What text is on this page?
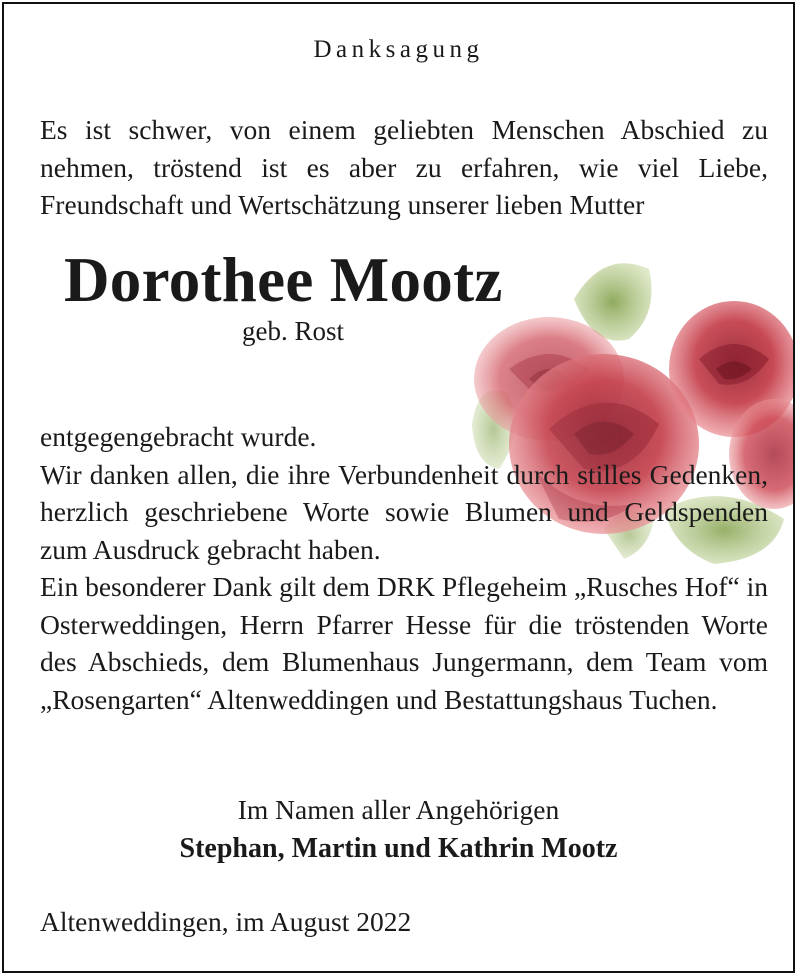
Danksagung

Es ist schwer, von einem geliebten Menschen Abschied zu nehmen, tröstend ist es aber zu erfahren, wie viel Liebe, Freundschaft und Wertschätzung unserer lieben Mutter

Dorothee Mootz
geb. Rost

entgegengebracht wurde.
Wir danken allen, die ihre Verbundenheit durch stilles Gedenken, herzlich geschriebene Worte sowie Blumen und Geldspenden zum Ausdruck gebracht haben.
Ein besonderer Dank gilt dem DRK Pflegeheim „Rusches Hof“ in Osterweddingen, Herrn Pfarrer Hesse für die tröstenden Worte des Abschieds, dem Blumenhaus Jungermann, dem Team vom „Rosengarten“ Altenweddingen und Bestattungshaus Tuchen.

Im Namen aller Angehörigen
Stephan, Martin und Kathrin Mootz
Altenweddingen, im August 2022
